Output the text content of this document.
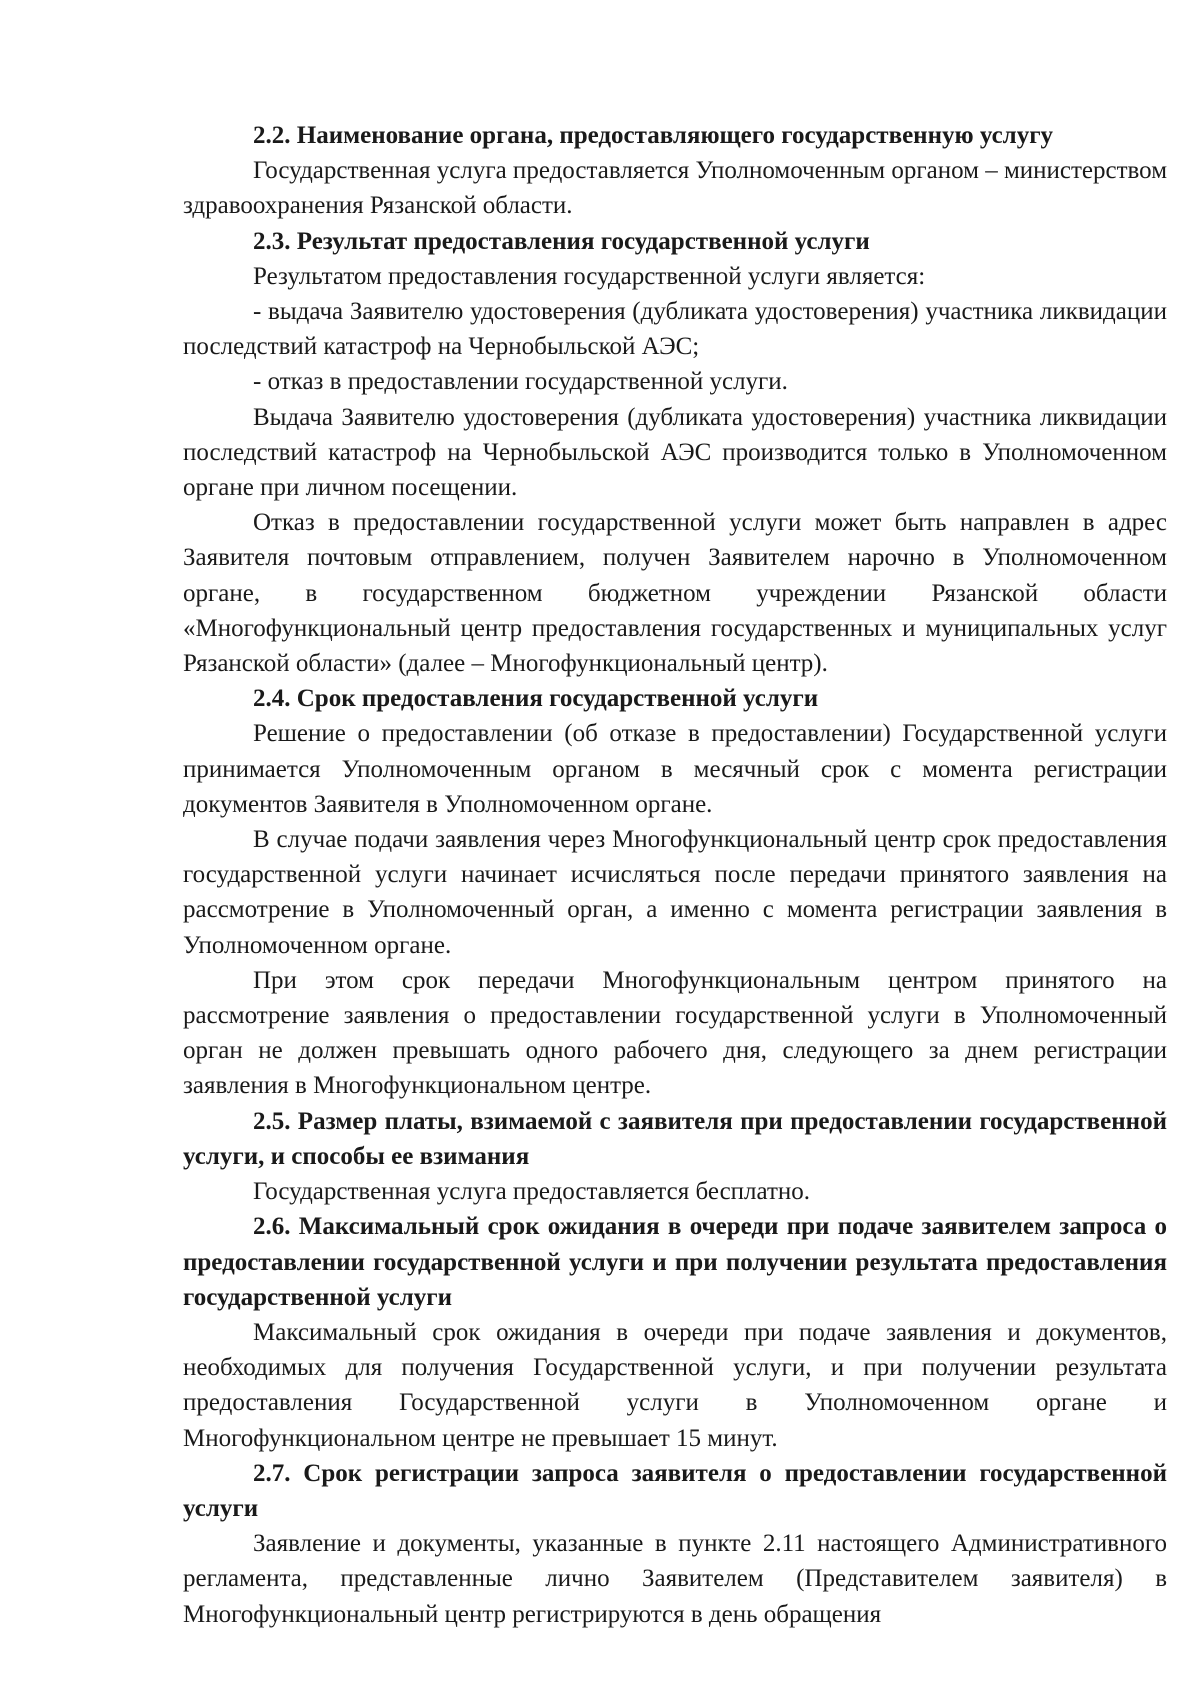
2.2. Наименование органа, предоставляющего государственную услугу

Государственная услуга предоставляется Уполномоченным органом – министерством здравоохранения Рязанской области.

2.3. Результат предоставления государственной услуги

Результатом предоставления государственной услуги является:

- выдача Заявителю удостоверения (дубликата удостоверения) участника ликвидации последствий катастроф на Чернобыльской АЭС;

- отказ в предоставлении государственной услуги.

Выдача Заявителю удостоверения (дубликата удостоверения) участника ликвидации последствий катастроф на Чернобыльской АЭС производится только в Уполномоченном органе при личном посещении.

Отказ в предоставлении государственной услуги может быть направлен в адрес Заявителя почтовым отправлением, получен Заявителем нарочно в Уполномоченном органе, в государственном бюджетном учреждении Рязанской области «Многофункциональный центр предоставления государственных и муниципальных услуг Рязанской области» (далее – Многофункциональный центр).

2.4. Срок предоставления государственной услуги

Решение о предоставлении (об отказе в предоставлении) Государственной услуги принимается Уполномоченным органом в месячный срок с момента регистрации документов Заявителя в Уполномоченном органе.

В случае подачи заявления через Многофункциональный центр срок предоставления государственной услуги начинает исчисляться после передачи принятого заявления на рассмотрение в Уполномоченный орган, а именно с момента регистрации заявления в Уполномоченном органе.

При этом срок передачи Многофункциональным центром принятого на рассмотрение заявления о предоставлении государственной услуги в Уполномоченный орган не должен превышать одного рабочего дня, следующего за днем регистрации заявления в Многофункциональном центре.

2.5. Размер платы, взимаемой с заявителя при предоставлении государственной услуги, и способы ее взимания

Государственная услуга предоставляется бесплатно.

2.6. Максимальный срок ожидания в очереди при подаче заявителем запроса о предоставлении государственной услуги и при получении результата предоставления государственной услуги

Максимальный срок ожидания в очереди при подаче заявления и документов, необходимых для получения Государственной услуги, и при получении результата предоставления Государственной услуги в Уполномоченном органе и Многофункциональном центре не превышает 15 минут.

2.7. Срок регистрации запроса заявителя о предоставлении государственной услуги

Заявление и документы, указанные в пункте 2.11 настоящего Административного регламента, представленные лично Заявителем (Представителем заявителя) в Многофункциональный центр регистрируются в день обращения
